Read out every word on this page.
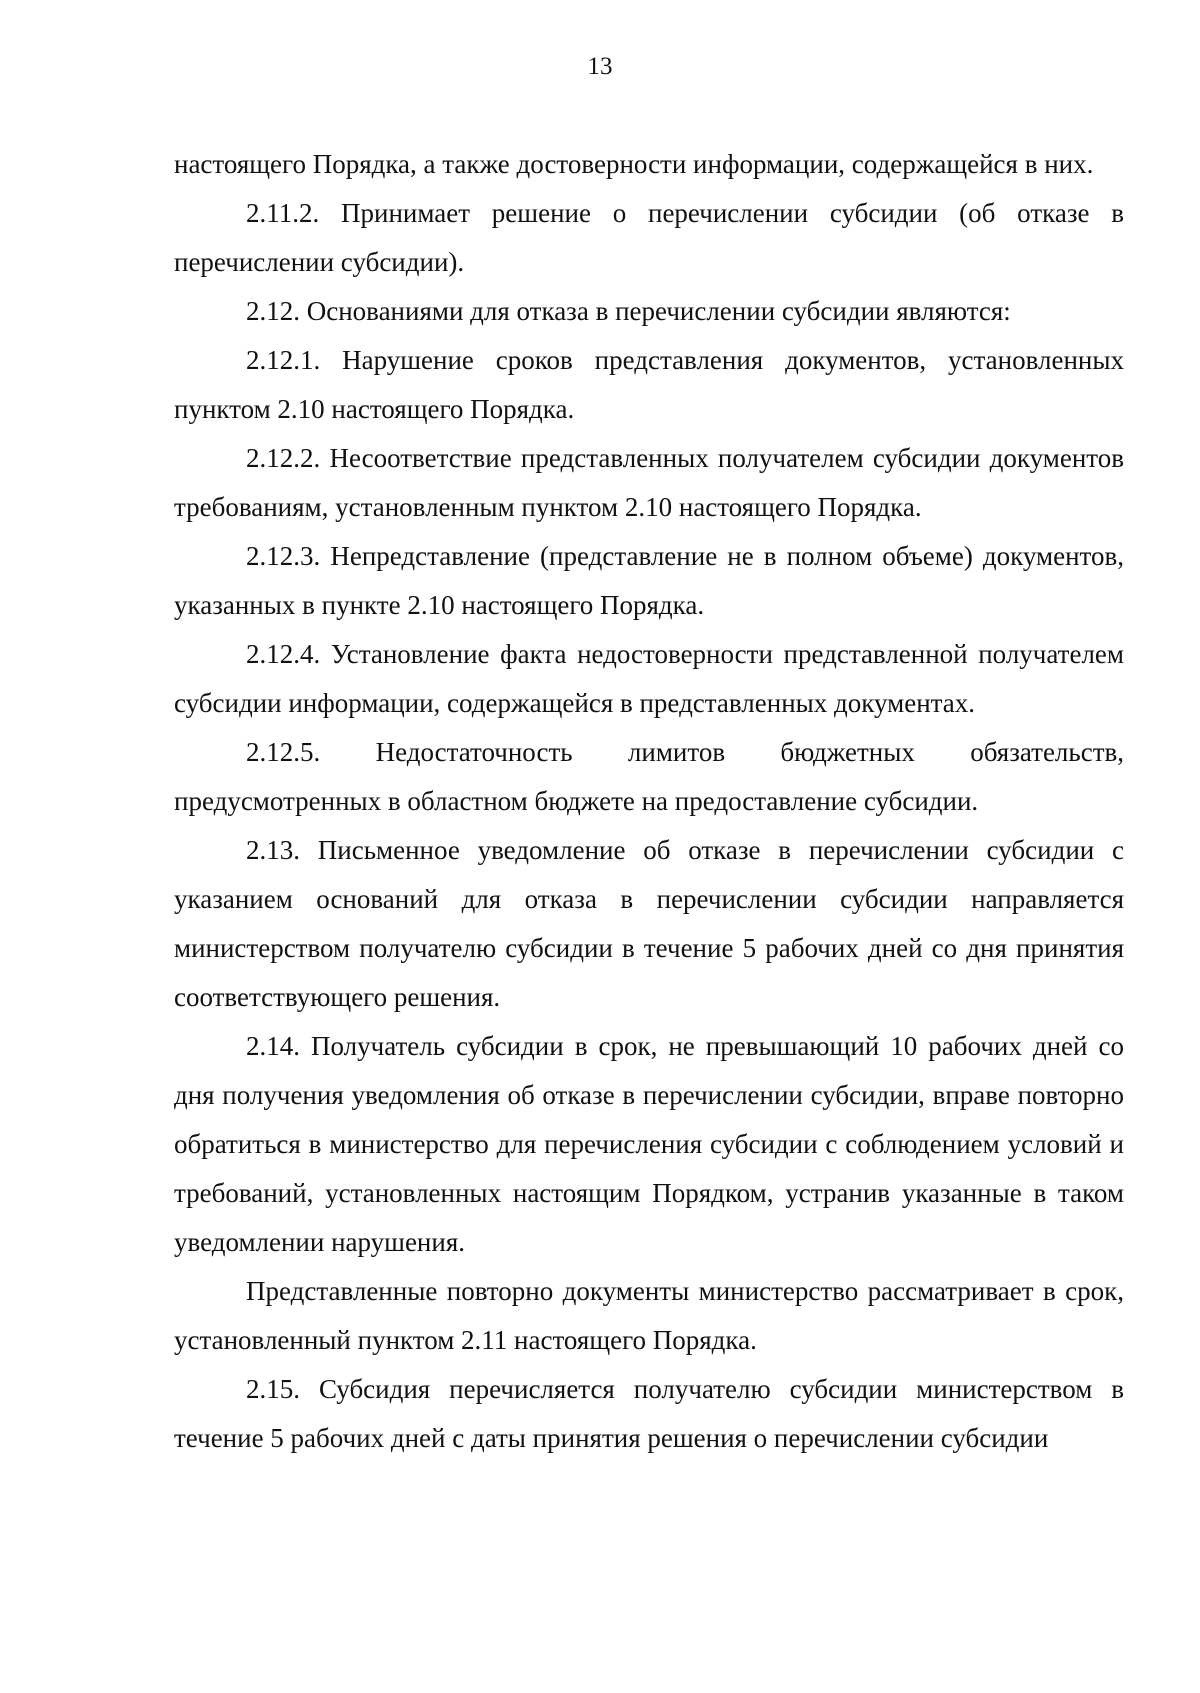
13

настоящего Порядка, а также достоверности информации, содержащейся в них.

2.11.2. Принимает решение о перечислении субсидии (об отказе в перечислении субсидии).

2.12. Основаниями для отказа в перечислении субсидии являются:

2.12.1. Нарушение сроков представления документов, установленных пунктом 2.10 настоящего Порядка.

2.12.2. Несоответствие представленных получателем субсидии документов требованиям, установленным пунктом 2.10 настоящего Порядка.

2.12.3. Непредставление (представление не в полном объеме) документов, указанных в пункте 2.10 настоящего Порядка.

2.12.4. Установление факта недостоверности представленной получателем субсидии информации, содержащейся в представленных документах.

2.12.5. Недостаточность лимитов бюджетных обязательств, предусмотренных в областном бюджете на предоставление субсидии.

2.13. Письменное уведомление об отказе в перечислении субсидии с указанием оснований для отказа в перечислении субсидии направляется министерством получателю субсидии в течение 5 рабочих дней со дня принятия соответствующего решения.

2.14. Получатель субсидии в срок, не превышающий 10 рабочих дней со дня получения уведомления об отказе в перечислении субсидии, вправе повторно обратиться в министерство для перечисления субсидии с соблюдением условий и требований, установленных настоящим Порядком, устранив указанные в таком уведомлении нарушения.

Представленные повторно документы министерство рассматривает в срок, установленный пунктом 2.11 настоящего Порядка.

2.15. Субсидия перечисляется получателю субсидии министерством в течение 5 рабочих дней с даты принятия решения о перечислении субсидии
